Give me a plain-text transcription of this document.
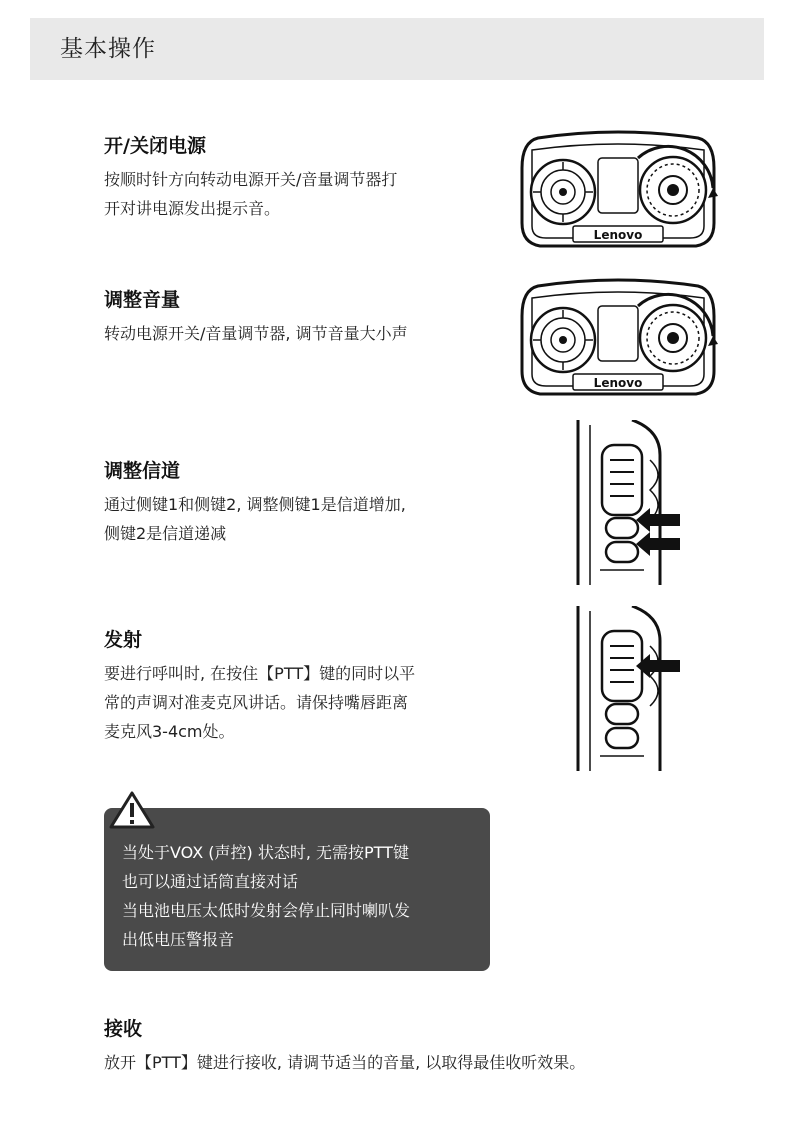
基本操作
开/关闭电源
按顺时针方向转动电源开关/音量调节器打
开对讲电源发出提示音。
Lenovo
调整音量
转动电源开关/音量调节器, 调节音量大小声
Lenovo
调整信道
通过侧键1和侧键2, 调整侧键1是信道增加,
侧键2是信道递减
发射
要进行呼叫时, 在按住【PTT】键的同时以平
常的声调对准麦克风讲话。请保持嘴唇距离
麦克风3-4cm处。
当处于VOX (声控) 状态时, 无需按PTT键
也可以通过话筒直接对话
当电池电压太低时发射会停止同时喇叭发
出低电压警报音
接收
放开【PTT】键进行接收, 请调节适当的音量, 以取得最佳收听效果。
